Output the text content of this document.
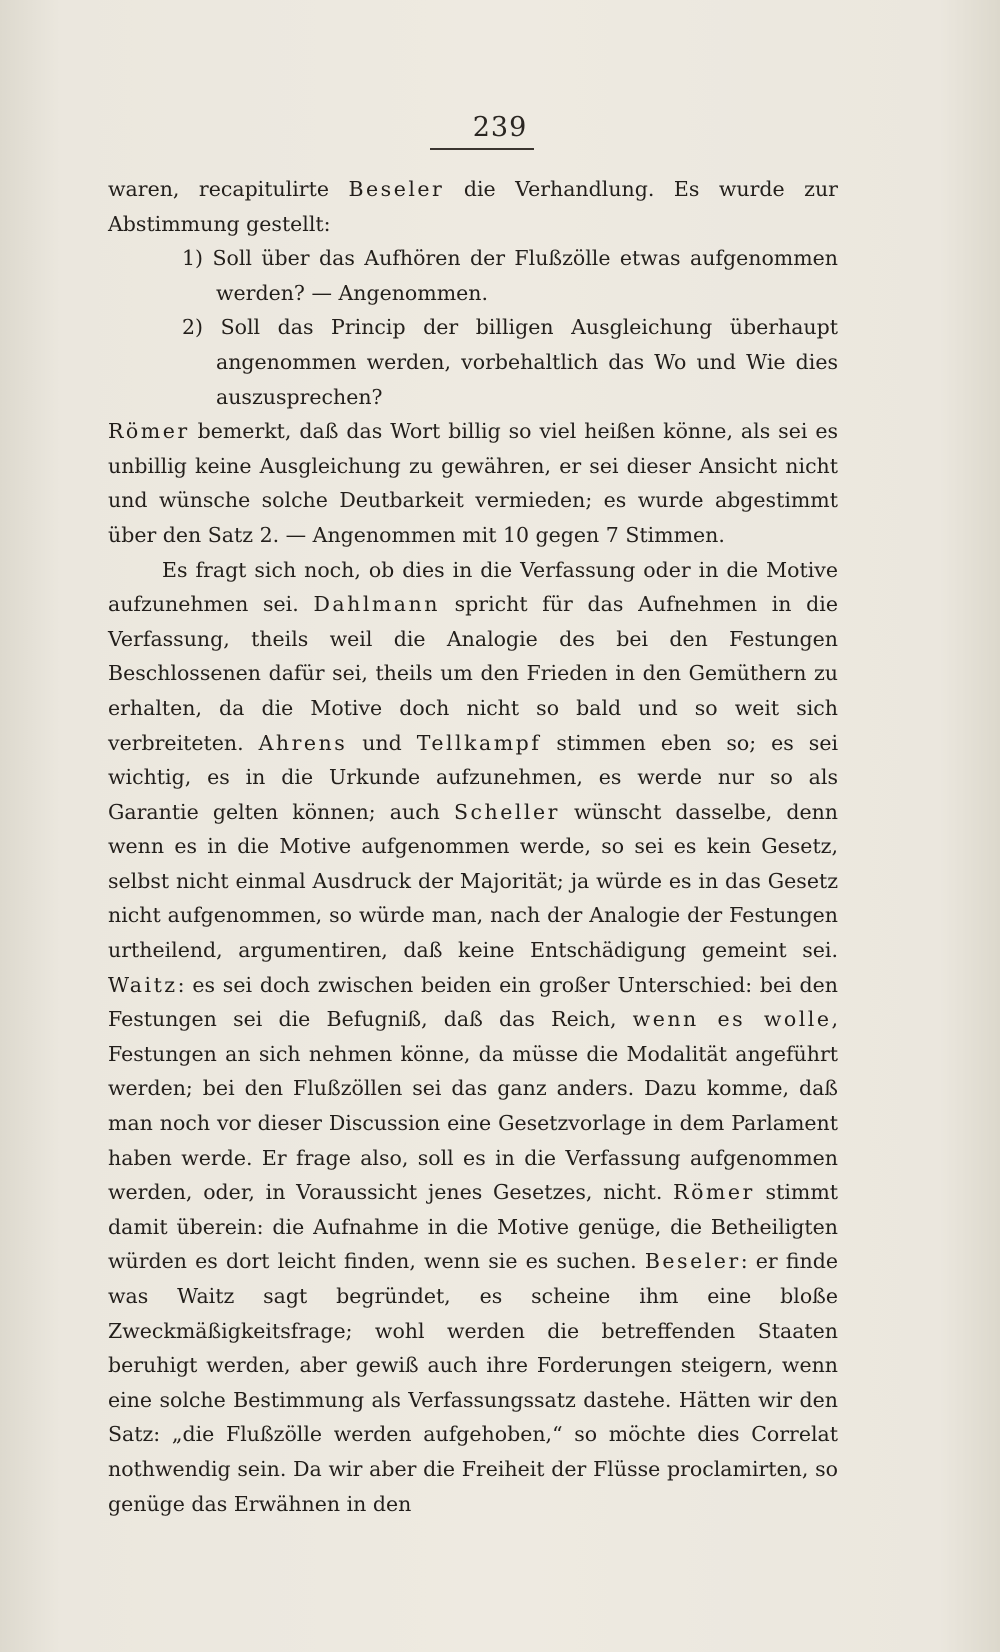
239

waren, recapitulirte Beseler die Verhandlung. Es wurde zur Abstimmung gestellt:

1) Soll über das Aufhören der Flußzölle etwas aufgenommen werden? — Angenommen.

2) Soll das Princip der billigen Ausgleichung überhaupt angenommen werden, vorbehaltlich das Wo und Wie dies auszusprechen?

Römer bemerkt, daß das Wort billig so viel heißen könne, als sei es unbillig keine Ausgleichung zu gewähren, er sei dieser Ansicht nicht und wünsche solche Deutbarkeit vermieden; es wurde abgestimmt über den Satz 2. — Angenommen mit 10 gegen 7 Stimmen.

Es fragt sich noch, ob dies in die Verfassung oder in die Motive aufzunehmen sei. Dahlmann spricht für das Aufnehmen in die Verfassung, theils weil die Analogie des bei den Festungen Beschlossenen dafür sei, theils um den Frieden in den Gemüthern zu erhalten, da die Motive doch nicht so bald und so weit sich verbreiteten. Ahrens und Tellkampf stimmen eben so; es sei wichtig, es in die Urkunde aufzunehmen, es werde nur so als Garantie gelten können; auch Scheller wünscht dasselbe, denn wenn es in die Motive aufgenommen werde, so sei es kein Gesetz, selbst nicht einmal Ausdruck der Majorität; ja würde es in das Gesetz nicht aufgenommen, so würde man, nach der Analogie der Festungen urtheilend, argumentiren, daß keine Entschädigung gemeint sei. Waitz: es sei doch zwischen beiden ein großer Unterschied: bei den Festungen sei die Befugniß, daß das Reich, wenn es wolle, Festungen an sich nehmen könne, da müsse die Modalität angeführt werden; bei den Flußzöllen sei das ganz anders. Dazu komme, daß man noch vor dieser Discussion eine Gesetzvorlage in dem Parlament haben werde. Er frage also, soll es in die Verfassung aufgenommen werden, oder, in Voraussicht jenes Gesetzes, nicht. Römer stimmt damit überein: die Aufnahme in die Motive genüge, die Betheiligten würden es dort leicht finden, wenn sie es suchen. Beseler: er finde was Waitz sagt begründet, es scheine ihm eine bloße Zweckmäßigkeitsfrage; wohl werden die betreffenden Staaten beruhigt werden, aber gewiß auch ihre Forderungen steigern, wenn eine solche Bestimmung als Verfassungssatz dastehe. Hätten wir den Satz: „die Flußzölle werden aufgehoben,“ so möchte dies Correlat nothwendig sein. Da wir aber die Freiheit der Flüsse proclamirten, so genüge das Erwähnen in den
